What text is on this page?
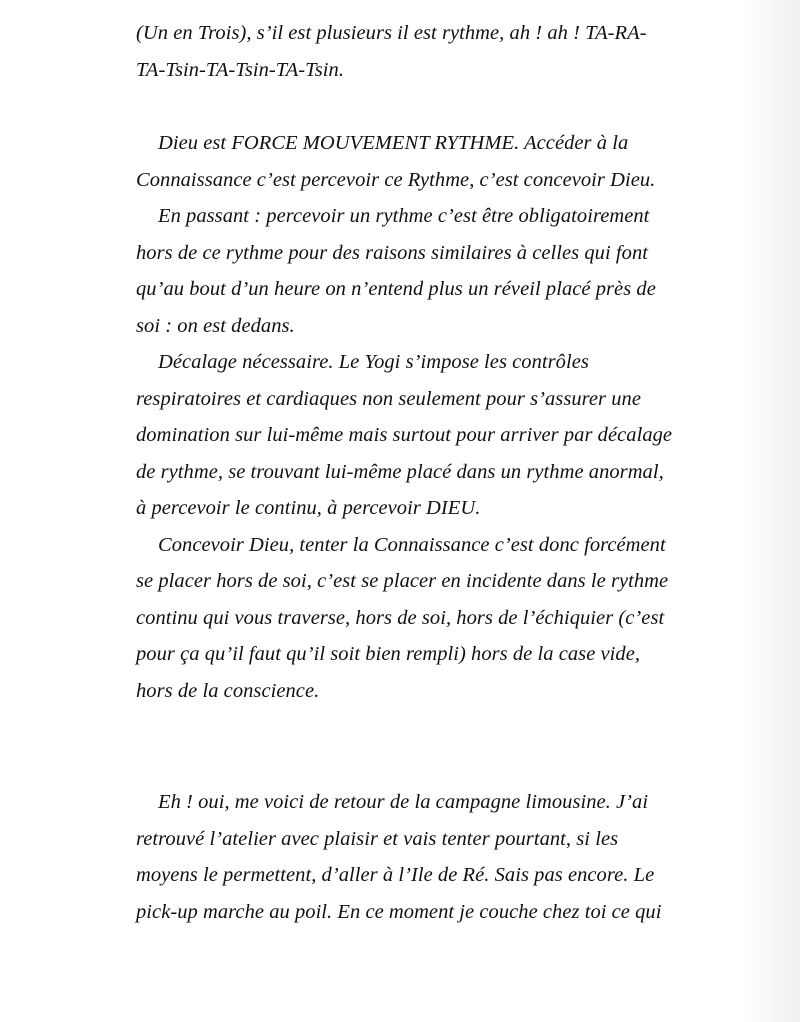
(Un en Trois), s’il est plusieurs il est rythme, ah ! ah ! TA-RA-
TA-Tsin-TA-Tsin-TA-Tsin.
Dieu est FORCE MOUVEMENT RYTHME. Accéder à la
Connaissance c’est percevoir ce Rythme, c’est concevoir Dieu.
En passant : percevoir un rythme c’est être obligatoirement
hors de ce rythme pour des raisons similaires à celles qui font
qu’au bout d’un heure on n’entend plus un réveil placé près de
soi : on est dedans.
Décalage nécessaire. Le Yogi s’impose les contrôles
respiratoires et cardiaques non seulement pour s’assurer une
domination sur lui-même mais surtout pour arriver par décalage
de rythme, se trouvant lui-même placé dans un rythme anormal,
à percevoir le continu, à percevoir DIEU.
Concevoir Dieu, tenter la Connaissance c’est donc forcément
se placer hors de soi, c’est se placer en incidente dans le rythme
continu qui vous traverse, hors de soi, hors de l’échiquier (c’est
pour ça qu’il faut qu’il soit bien rempli) hors de la case vide,
hors de la conscience.
Eh ! oui, me voici de retour de la campagne limousine. J’ai
retrouvé l’atelier avec plaisir et vais tenter pourtant, si les
moyens le permettent, d’aller à l’Ile de Ré. Sais pas encore. Le
pick-up marche au poil. En ce moment je couche chez toi ce qui
